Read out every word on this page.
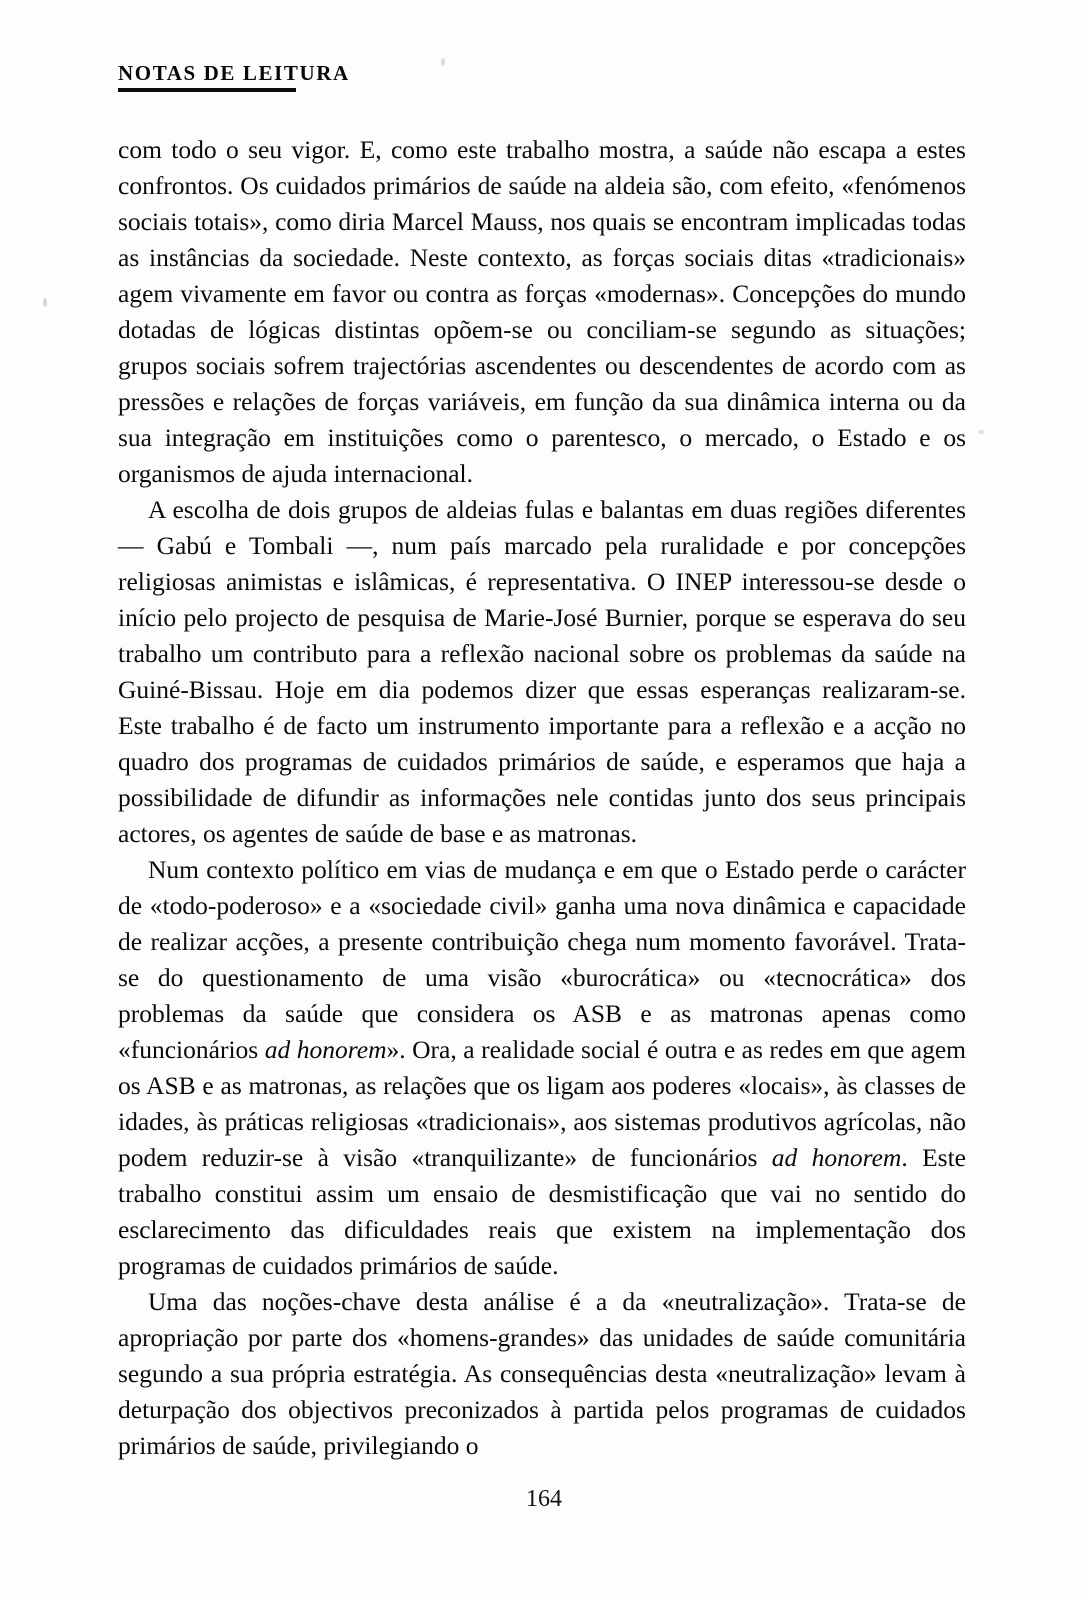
NOTAS DE LEITURA

com todo o seu vigor. E, como este trabalho mostra, a saúde não escapa a estes confrontos. Os cuidados primários de saúde na aldeia são, com efeito, «fenómenos sociais totais», como diria Marcel Mauss, nos quais se encontram implicadas todas as instâncias da sociedade. Neste contexto, as forças sociais ditas «tradicionais» agem vivamente em favor ou contra as forças «modernas». Concepções do mundo dotadas de lógicas distintas opõem-se ou conciliam-se segundo as situações; grupos sociais sofrem trajectórias ascendentes ou descendentes de acordo com as pressões e relações de forças variáveis, em função da sua dinâmica interna ou da sua integração em instituições como o parentesco, o mercado, o Estado e os organismos de ajuda internacional.

A escolha de dois grupos de aldeias fulas e balantas em duas regiões diferentes — Gabú e Tombali —, num país marcado pela ruralidade e por concepções religiosas animistas e islâmicas, é representativa. O INEP interessou-se desde o início pelo projecto de pesquisa de Marie-José Burnier, porque se esperava do seu trabalho um contributo para a reflexão nacional sobre os problemas da saúde na Guiné-Bissau. Hoje em dia podemos dizer que essas esperanças realizaram-se. Este trabalho é de facto um instrumento importante para a reflexão e a acção no quadro dos programas de cuidados primários de saúde, e esperamos que haja a possibilidade de difundir as informações nele contidas junto dos seus principais actores, os agentes de saúde de base e as matronas.

Num contexto político em vias de mudança e em que o Estado perde o carácter de «todo-poderoso» e a «sociedade civil» ganha uma nova dinâmica e capacidade de realizar acções, a presente contribuição chega num momento favorável. Trata-se do questionamento de uma visão «burocrática» ou «tecnocrática» dos problemas da saúde que considera os ASB e as matronas apenas como «funcionários ad honorem». Ora, a realidade social é outra e as redes em que agem os ASB e as matronas, as relações que os ligam aos poderes «locais», às classes de idades, às práticas religiosas «tradicionais», aos sistemas produtivos agrícolas, não podem reduzir-se à visão «tranquilizante» de funcionários ad honorem. Este trabalho constitui assim um ensaio de desmistificação que vai no sentido do esclarecimento das dificuldades reais que existem na implementação dos programas de cuidados primários de saúde.

Uma das noções-chave desta análise é a da «neutralização». Trata-se de apropriação por parte dos «homens-grandes» das unidades de saúde comunitária segundo a sua própria estratégia. As consequências desta «neutralização» levam à deturpação dos objectivos preconizados à partida pelos programas de cuidados primários de saúde, privilegiando o

164
